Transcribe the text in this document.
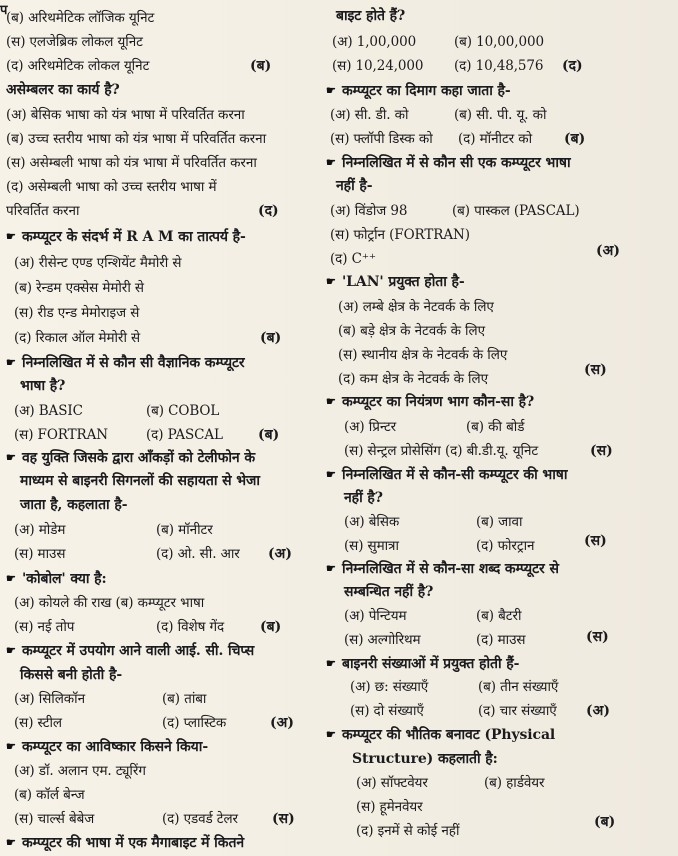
प
(ब) अरिथमेटिक लॉजिक यूनिट
(स) एलजेब्रिक लोकल यूनिट
(द) अरिथमेटिक लोकल यूनिट	(ब)
असेम्बलर का कार्य है?
(अ) बेसिक भाषा को यंत्र भाषा में परिवर्तित करना
(ब) उच्च स्तरीय भाषा को यंत्र भाषा में परिवर्तित करना
(स) असेम्बली भाषा को यंत्र भाषा में परिवर्तित करना
(द) असेम्बली भाषा को उच्च स्तरीय भाषा में
परिवर्तित करना	(द)
☛ कम्प्यूटर के संदर्भ में R A M का तात्पर्य है-
(अ) रीसेन्ट एण्ड एन्शियेंट मैमोरी से
(ब) रेन्डम एक्सेस मेमोरी से
(स) रीड एन्ड मेमोराइज से
(द) रिकाल ऑल मेमोरी से	(ब)
☛ निम्नलिखित में से कौन सी वैज्ञानिक कम्प्यूटर
भाषा है?
(अ) BASIC	(ब) COBOL
(स) FORTRAN	(द) PASCAL	(ब)
☛ वह युक्ति जिसके द्वारा आँकड़ों को टेलीफोन के
माध्यम से बाइनरी सिगनलों की सहायता से भेजा
जाता है, कहलाता है-
(अ) मोडेम	(ब) मॉनीटर
(स) माउस	(द) ओ. सी. आर (अ)
☛ 'कोबोल' क्या है:
(अ) कोयले की राख (ब) कम्प्यूटर भाषा
(स) नई तोप	(द) विशेष गेंद	(ब)
☛ कम्प्यूटर में उपयोग आने वाली आई. सी. चिप्स
किससे बनी होती है-
(अ) सिलिकॉन	(ब) तांबा
(स) स्टील	(द) प्लास्टिक	(अ)
☛ कम्प्यूटर का आविष्कार किसने किया-
(अ) डॉ. अलान एम. ट्यूरिंग
(ब) कॉर्ल बेन्ज
(स) चार्ल्स बेबेज	(द) एडवर्ड टेलर (स)
☛ कम्प्यूटर की भाषा में एक मैगाबाइट में कितने
बाइट होते हैं?
(अ) 1,00,000	(ब) 10,00,000
(स) 10,24,000 (द) 10,48,576 (द)
☛ कम्प्यूटर का दिमाग कहा जाता है-
(अ) सी. डी. को	(ब) सी. पी. यू. को
(स) फ्लॉपी डिस्क को (द) मॉनीटर को (ब)
☛ निम्नलिखित में से कौन सी एक कम्प्यूटर भाषा
नहीं है-
(अ) विंडोज 98	(ब) पास्कल (PASCAL)
(स) फोर्ट्रान (FORTRAN)
(द) C⁺⁺	(अ)
☛ 'LAN' प्रयुक्त होता है-
(अ) लम्बे क्षेत्र के नेटवर्क के लिए
(ब) बड़े क्षेत्र के नेटवर्क के लिए
(स) स्थानीय क्षेत्र के नेटवर्क के लिए
(द) कम क्षेत्र के नेटवर्क के लिए
(स)
☛ कम्प्यूटर का नियंत्रण भाग कौन-सा है?
(अ) प्रिन्टर	(ब) की बोर्ड
(स) सेन्ट्रल प्रोसेसिंग (द) बी.डी.यू. यूनिट	(स)
☛ निम्नलिखित में से कौन-सी कम्प्यूटर की भाषा
नहीं है?
(अ) बेसिक	(ब) जावा
(स) सुमात्रा	(द) फोरट्रान	(स)
☛ निम्नलिखित में से कौन-सा शब्द कम्प्यूटर से
सम्बन्धित नहीं है?
(अ) पेन्टियम	(ब) बैटरी
(स) अल्गोरिथम	(द) माउस	(स)
☛ बाइनरी संख्याओं में प्रयुक्त होती हैं-
(अ) छ: संख्याएँ	(ब) तीन संख्याएँ
(स) दो संख्याएँ	(द) चार संख्याएँ (अ)
☛ कम्प्यूटर की भौतिक बनावट (Physical
Structure) कहलाती है:
(अ) सॉफ्टवेयर	(ब) हार्डवेयर
(स) हूमेनवेयर
(द) इनमें से कोई नहीं
(ब)
